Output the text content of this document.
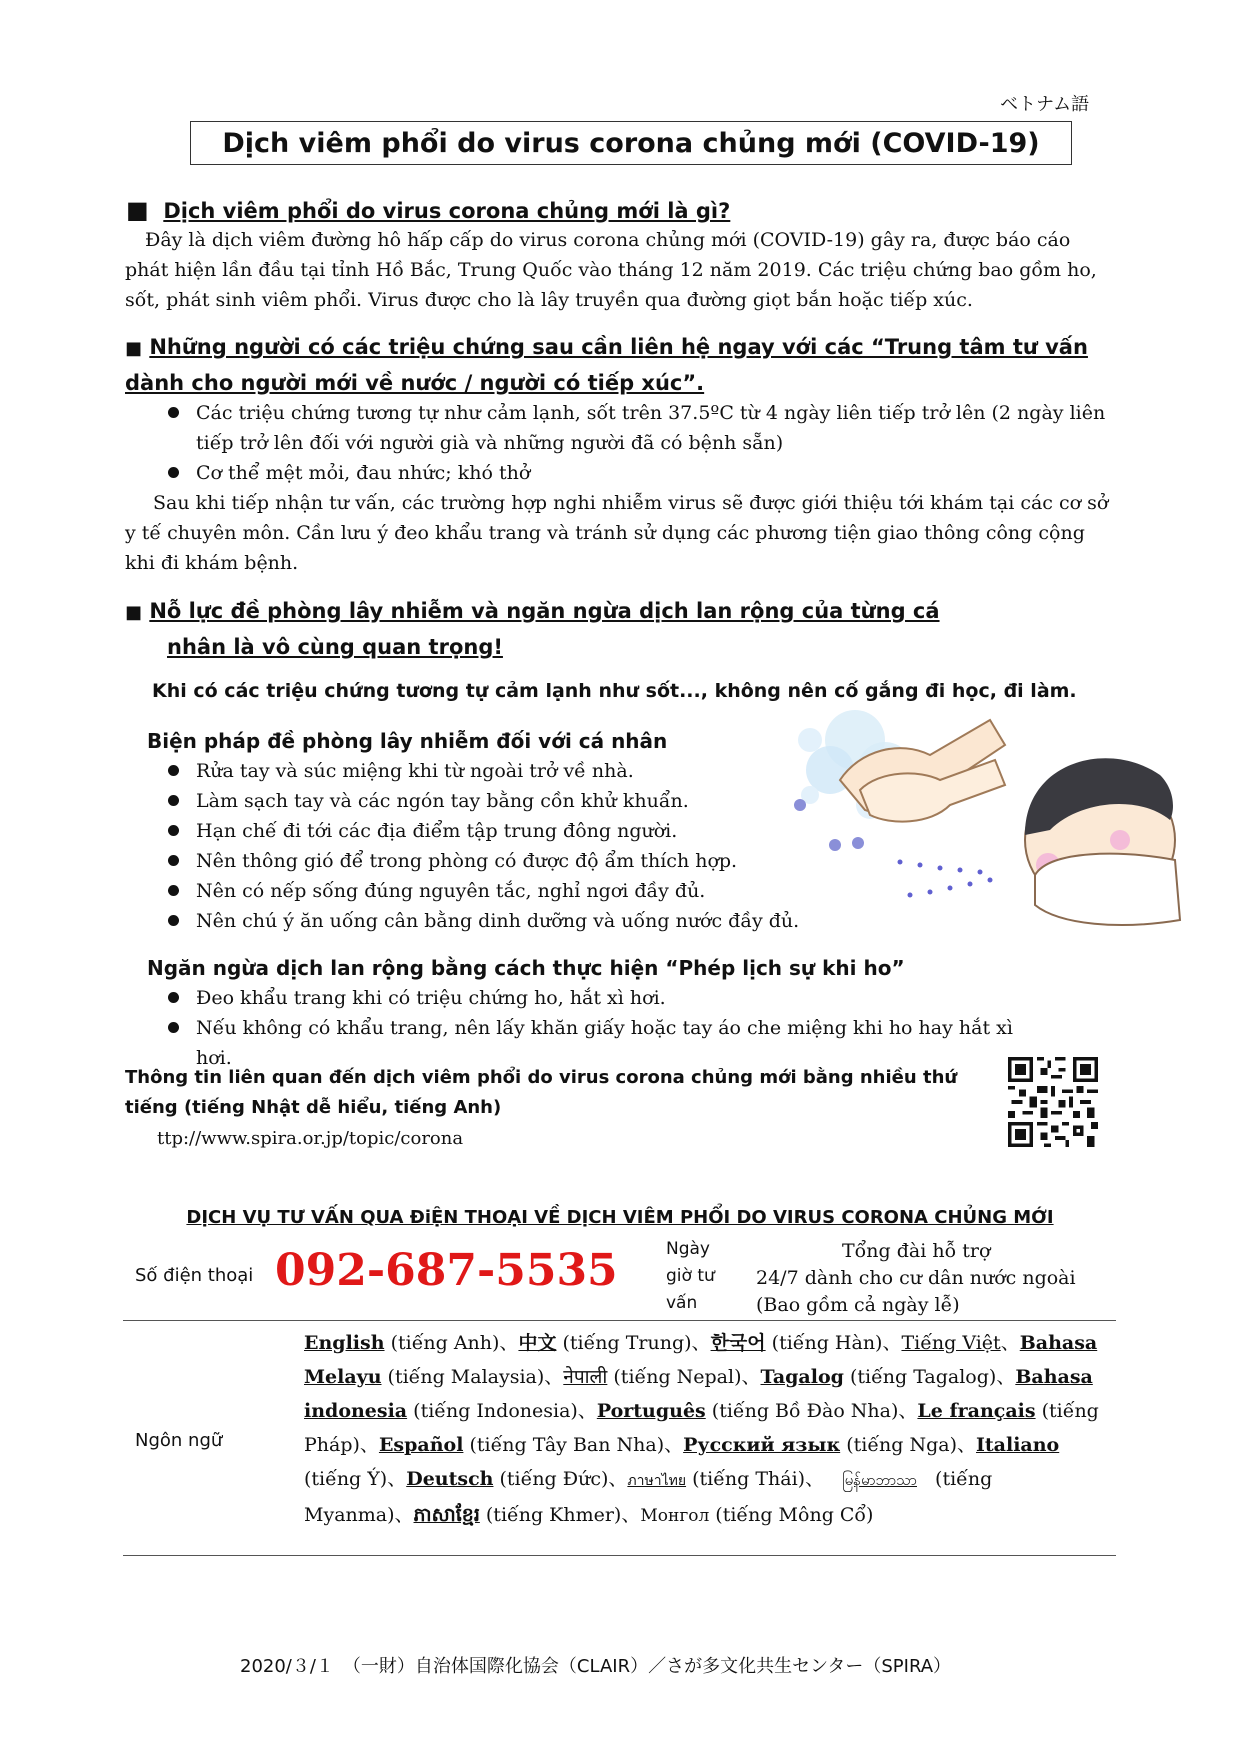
ベトナム語
Dịch viêm phổi do virus corona chủng mới (COVID-19)
■ Dịch viêm phổi do virus corona chủng mới là gì?
Đây là dịch viêm đường hô hấp cấp do virus corona chủng mới (COVID-19) gây ra, được báo cáo phát hiện lần đầu tại tỉnh Hồ Bắc, Trung Quốc vào tháng 12 năm 2019. Các triệu chứng bao gồm ho, sốt, phát sinh viêm phổi. Virus được cho là lây truyền qua đường giọt bắn hoặc tiếp xúc.
■ Những người có các triệu chứng sau cần liên hệ ngay với các “Trung tâm tư vấn dành cho người mới về nước / người có tiếp xúc”.
Các triệu chứng tương tự như cảm lạnh, sốt trên 37.5ºC từ 4 ngày liên tiếp trở lên (2 ngày liên tiếp trở lên đối với người già và những người đã có bệnh sẵn)
Cơ thể mệt mỏi, đau nhức; khó thở
Sau khi tiếp nhận tư vấn, các trường hợp nghi nhiễm virus sẽ được giới thiệu tới khám tại các cơ sở y tế chuyên môn. Cần lưu ý đeo khẩu trang và tránh sử dụng các phương tiện giao thông công cộng khi đi khám bệnh.
■ Nỗ lực đề phòng lây nhiễm và ngăn ngừa dịch lan rộng của từng cá
nhân là vô cùng quan trọng!
Khi có các triệu chứng tương tự cảm lạnh như sốt..., không nên cố gắng đi học, đi làm.
Biện pháp đề phòng lây nhiễm đối với cá nhân
Rửa tay và súc miệng khi từ ngoài trở về nhà.
Làm sạch tay và các ngón tay bằng cồn khử khuẩn.
Hạn chế đi tới các địa điểm tập trung đông người.
Nên thông gió để trong phòng có được độ ẩm thích hợp.
Nên có nếp sống đúng nguyên tắc, nghỉ ngơi đầy đủ.
Nên chú ý ăn uống cân bằng dinh dưỡng và uống nước đầy đủ.
Ngăn ngừa dịch lan rộng bằng cách thực hiện “Phép lịch sự khi ho”
Đeo khẩu trang khi có triệu chứng ho, hắt xì hơi.
Nếu không có khẩu trang, nên lấy khăn giấy hoặc tay áo che miệng khi ho hay hắt xì hơi.
Thông tin liên quan đến dịch viêm phổi do virus corona chủng mới bằng nhiều thứ
tiếng (tiếng Nhật dễ hiểu, tiếng Anh)
ttp://www.spira.or.jp/topic/corona
DỊCH VỤ TƯ VẤN QUA ĐiỆN THOẠI VỀ DỊCH VIÊM PHỔI DO VIRUS CORONA CHỦNG MỚI
Số điện thoại 092-687-5535	Ngày
giờ tư
vấn
Tổng đài hỗ trợ
24/7 dành cho cư dân nước ngoài
(Bao gồm cả ngày lễ)
Ngôn ngữ
English (tiếng Anh)、中文 (tiếng Trung)、한국어 (tiếng Hàn)、Tiếng Việt、Bahasa Melayu (tiếng Malaysia)、नेपाली (tiếng Nepal)、Tagalog (tiếng Tagalog)、Bahasa indonesia (tiếng Indonesia)、Português (tiếng Bồ Đào Nha)、Le français (tiếng Pháp)、Español (tiếng Tây Ban Nha)、Русский язык (tiếng Nga)、Italiano (tiếng Ý)、Deutsch (tiếng Đức)、ภาษาไทย (tiếng Thái)、 မြန်မာဘာသာ (tiếng Myanma)、ភាសាខ្មែរ (tiếng Khmer)、Монгол (tiếng Mông Cổ)
2020/３/１　（一財）自治体国際化協会（CLAIR）／さが多文化共生センター（SPIRA）
